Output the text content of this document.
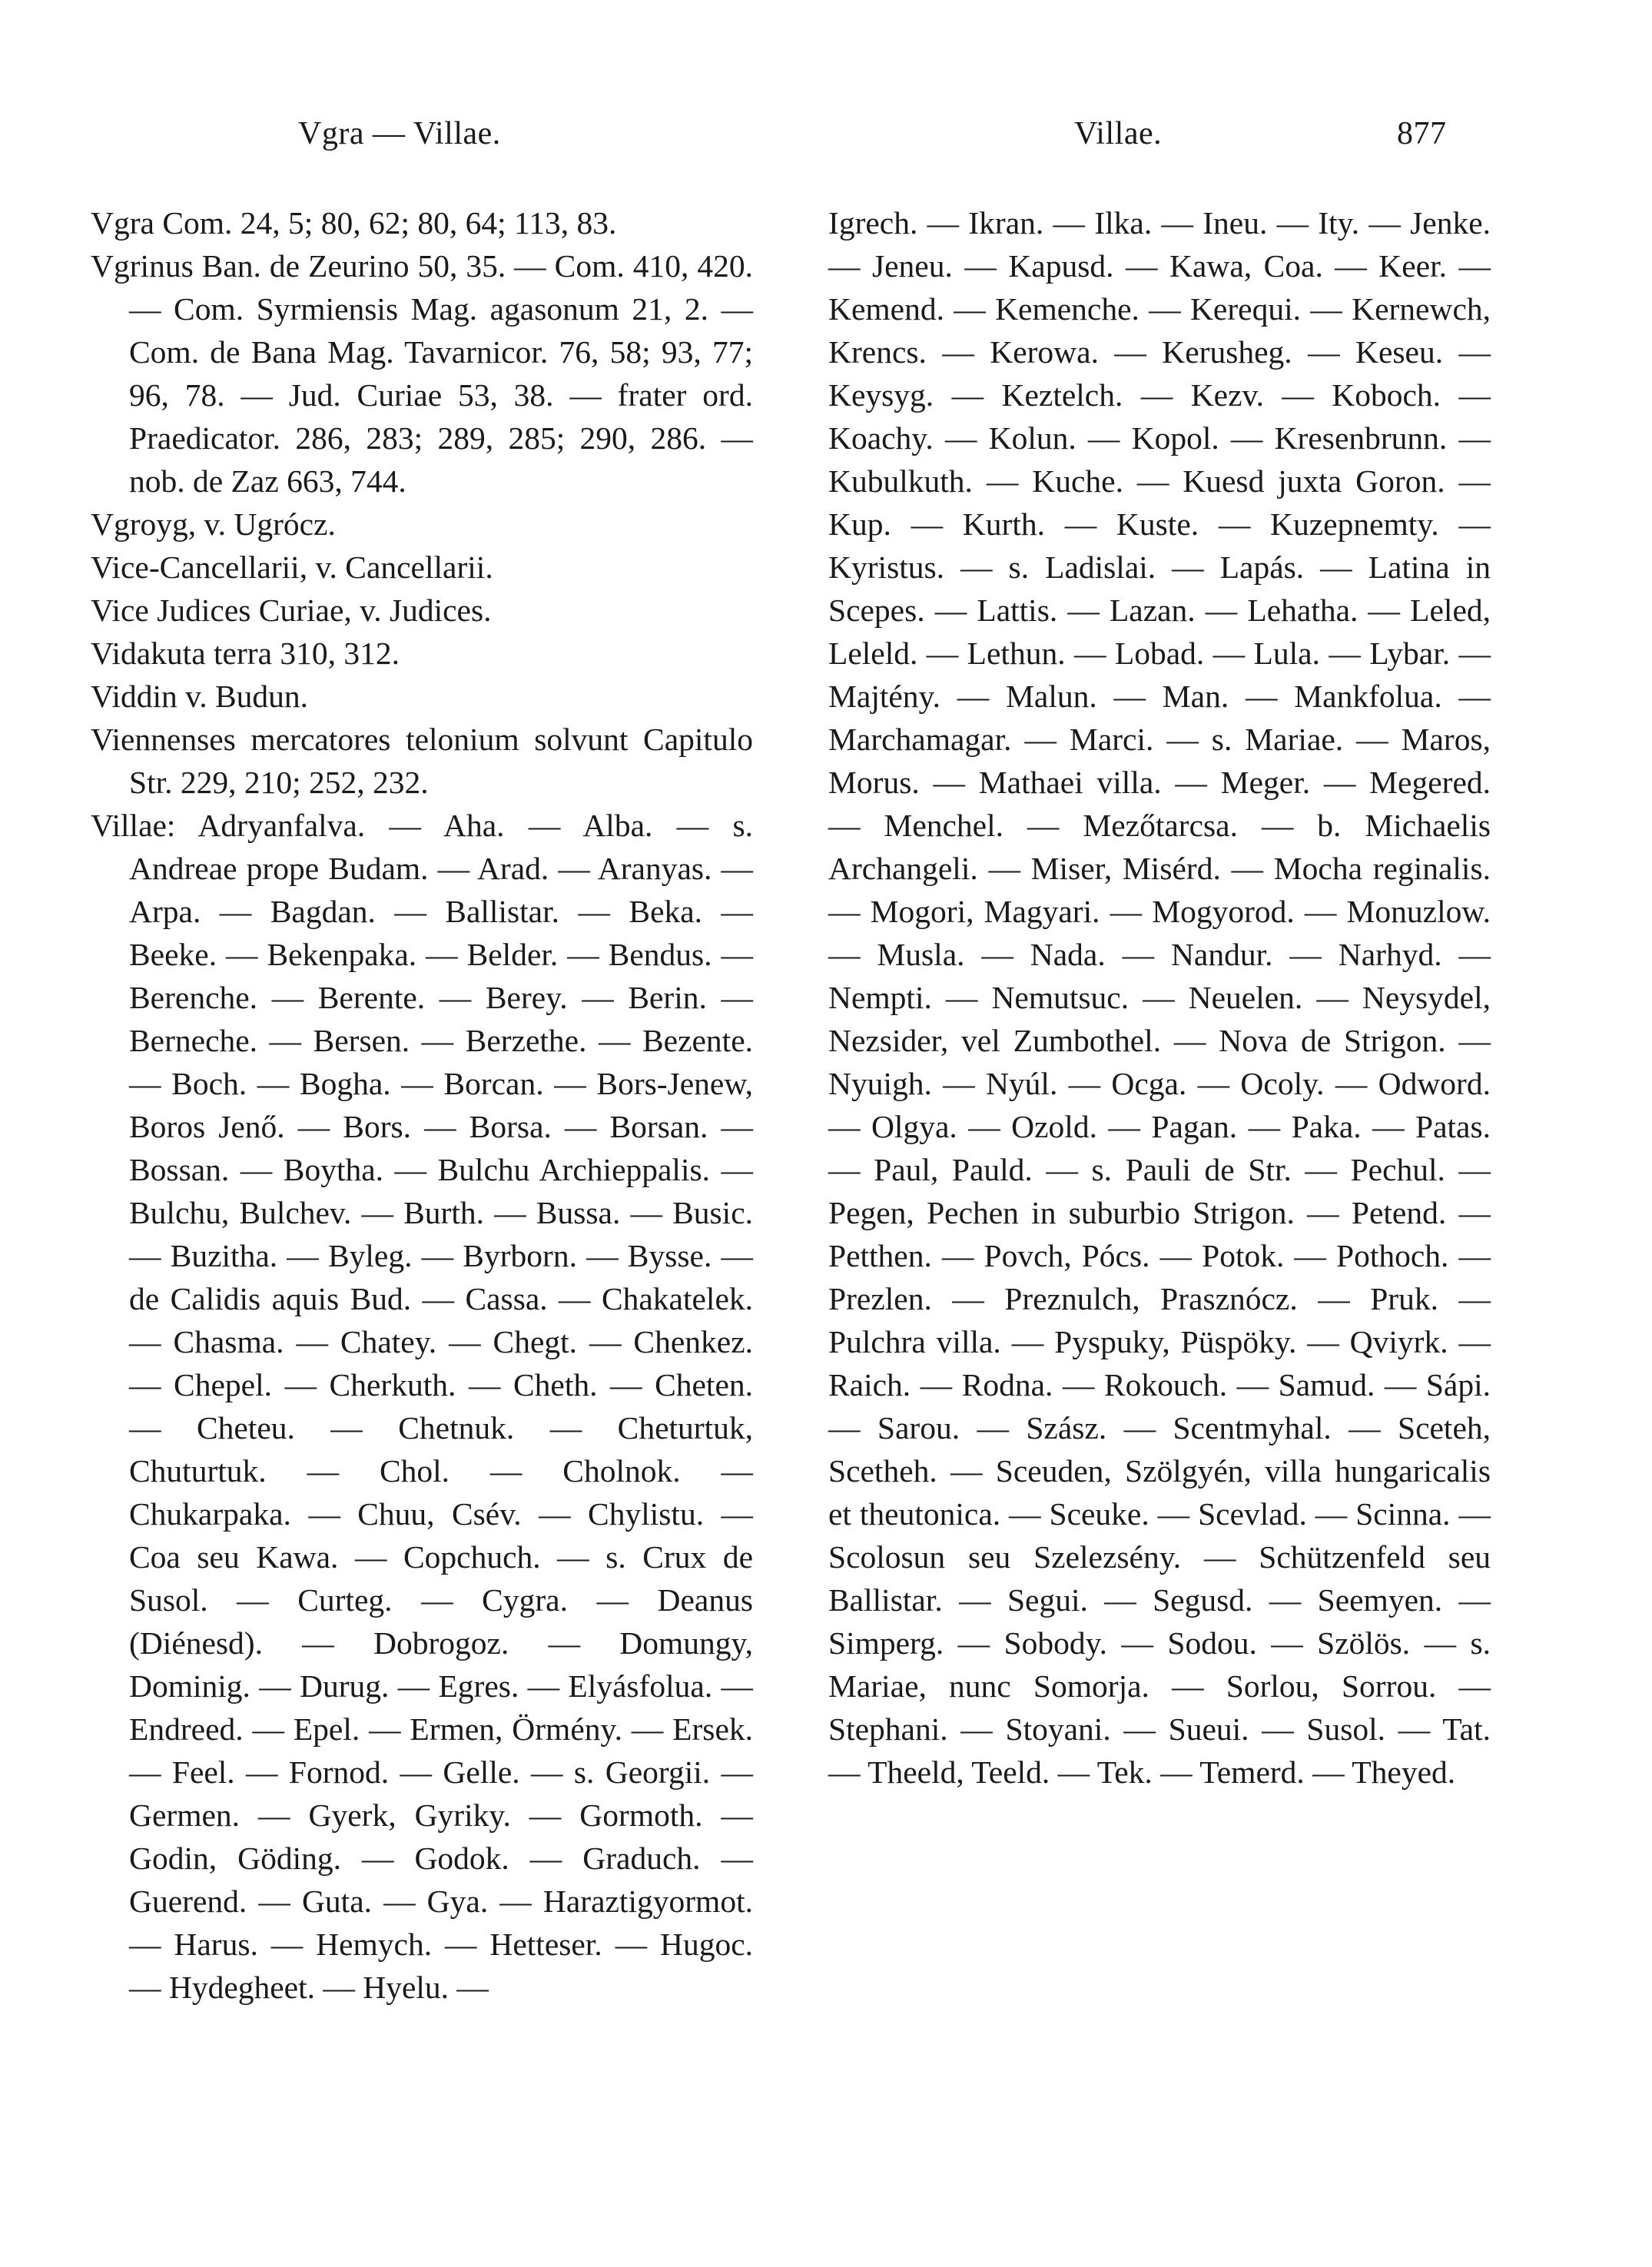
Vgra — Villae.	Villae.	877

Vgra Com. 24, 5; 80, 62; 80, 64; 113, 83.

Vgrinus Ban. de Zeurino 50, 35. — Com. 410, 420. — Com. Syrmiensis Mag. agasonum 21, 2. — Com. de Bana Mag. Tavarnicor. 76, 58; 93, 77; 96, 78. — Jud. Curiae 53, 38. — frater ord. Praedicator. 286, 283; 289, 285; 290, 286. — nob. de Zaz 663, 744.

Vgroyg, v. Ugrócz.

Vice-Cancellarii, v. Cancellarii.

Vice Judices Curiae, v. Judices.

Vidakuta terra 310, 312.

Viddin v. Budun.

Viennenses mercatores telonium solvunt Capitulo Str. 229, 210; 252, 232.

Villae: Adryanfalva. — Aha. — Alba. — s. Andreae prope Budam. — Arad. — Aranyas. — Arpa. — Bagdan. — Ballistar. — Beka. — Beeke. — Bekenpaka. — Belder. — Bendus. — Berenche. — Berente. — Berey. — Berin. — Berneche. — Bersen. — Berzethe. — Bezente. — Boch. — Bogha. — Borcan. — Bors-Jenew, Boros Jenő. — Bors. — Borsa. — Borsan. — Bossan. — Boytha. — Bulchu Archieppalis. — Bulchu, Bulchev. — Burth. — Bussa. — Busic. — Buzitha. — Byleg. — Byrborn. — Bysse. — de Calidis aquis Bud. — Cassa. — Chakatelek. — Chasma. — Chatey. — Chegt. — Chenkez. — Chepel. — Cherkuth. — Cheth. — Cheten. — Cheteu. — Chetnuk. — Cheturtuk, Chuturtuk. — Chol. — Cholnok. — Chukarpaka. — Chuu, Csév. — Chylistu. — Coa seu Kawa. — Copchuch. — s. Crux de Susol. — Curteg. — Cygra. — Deanus (Diénesd). — Dobrogoz. — Domungy, Dominig. — Durug. — Egres. — Elyásfolua. — Endreed. — Epel. — Ermen, Örmény. — Ersek. — Feel. — Fornod. — Gelle. — s. Georgii. — Germen. — Gyerk, Gyriky. — Gormoth. — Godin, Göding. — Godok. — Graduch. — Guerend. — Guta. — Gya. — Haraztigyormot. — Harus. — Hemych. — Hetteser. — Hugoc. — Hydegheet. — Hyelu. —

Igrech. — Ikran. — Ilka. — Ineu. — Ity. — Jenke. — Jeneu. — Kapusd. — Kawa, Coa. — Keer. — Kemend. — Kemenche. — Kerequi. — Kernewch, Krencs. — Kerowa. — Kerusheg. — Keseu. — Keysyg. — Keztelch. — Kezv. — Koboch. — Koachy. — Kolun. — Kopol. — Kresenbrunn. — Kubulkuth. — Kuche. — Kuesd juxta Goron. — Kup. — Kurth. — Kuste. — Kuzepnemty. — Kyristus. — s. Ladislai. — Lapás. — Latina in Scepes. — Lattis. — Lazan. — Lehatha. — Leled, Leleld. — Lethun. — Lobad. — Lula. — Lybar. — Majtény. — Malun. — Man. — Mankfolua. — Marchamagar. — Marci. — s. Mariae. — Maros, Morus. — Mathaei villa. — Meger. — Megered. — Menchel. — Mezőtarcsa. — b. Michaelis Archangeli. — Miser, Misérd. — Mocha reginalis. — Mogori, Magyari. — Mogyorod. — Monuzlow. — Musla. — Nada. — Nandur. — Narhyd. — Nempti. — Nemutsuc. — Neuelen. — Neysydel, Nezsider, vel Zumbothel. — Nova de Strigon. — Nyuigh. — Nyúl. — Ocga. — Ocoly. — Odword. — Olgya. — Ozold. — Pagan. — Paka. — Patas. — Paul, Pauld. — s. Pauli de Str. — Pechul. — Pegen, Pechen in suburbio Strigon. — Petend. — Petthen. — Povch, Pócs. — Potok. — Pothoch. — Prezlen. — Preznulch, Prasznócz. — Pruk. — Pulchra villa. — Pyspuky, Püspöky. — Qviyrk. — Raich. — Rodna. — Rokouch. — Samud. — Sápi. — Sarou. — Szász. — Scentmyhal. — Sceteh, Scetheh. — Sceuden, Szölgyén, villa hungaricalis et theutonica. — Sceuke. — Scevlad. — Scinna. — Scolosun seu Szelezsény. — Schützenfeld seu Ballistar. — Segui. — Segusd. — Seemyen. — Simperg. — Sobody. — Sodou. — Szölös. — s. Mariae, nunc Somorja. — Sorlou, Sorrou. — Stephani. — Stoyani. — Sueui. — Susol. — Tat. — Theeld, Teeld. — Tek. — Temerd. — Theyed.
